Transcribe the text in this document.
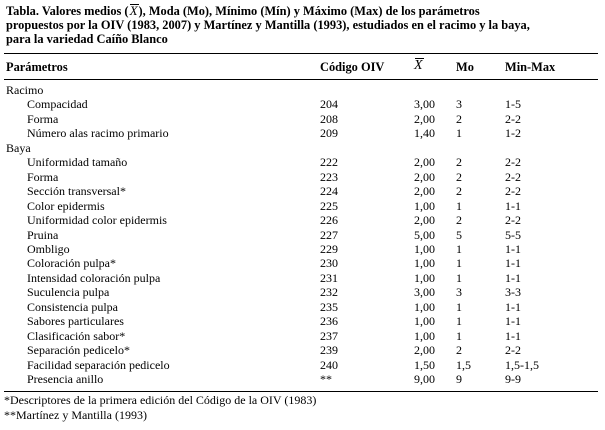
Tabla. Valores medios (X), Moda (Mo), Mínimo (Mín) y Máximo (Max) de los parámetros
propuestos por la OIV (1983, 2007) y Martínez y Mantilla (1993), estudiados en el racimo y la baya,
para la variedad Caíño Blanco
Parámetros	Código OIV X	Mo	Min-Max
Racimo
Compacidad	204	3,00 3	1-5
Forma	208	2,00 2	2-2
Número alas racimo primario	209	1,40 1	1-2
Baya
Uniformidad tamaño	222	2,00 2	2-2
Forma	223	2,00 2	2-2
Sección transversal*	224	2,00 2	2-2
Color epidermis	225	1,00 1	1-1
Uniformidad color epidermis	226	2,00 2	2-2
Pruina	227	5,00 5	5-5
Ombligo	229	1,00 1	1-1
Coloración pulpa*	230	1,00 1	1-1
Intensidad coloración pulpa	231	1,00 1	1-1
Suculencia pulpa	232	3,00 3	3-3
Consistencia pulpa	235	1,00 1	1-1
Sabores particulares	236	1,00 1	1-1
Clasificación sabor*	237	1,00 1	1-1
Separación pedicelo*	239	2,00 2	2-2
Facilidad separación pedicelo	240	1,50 1,5	1,5-1,5
Presencia anillo	**	9,00 9	9-9
*Descriptores de la primera edición del Código de la OIV (1983)
**Martínez y Mantilla (1993)
